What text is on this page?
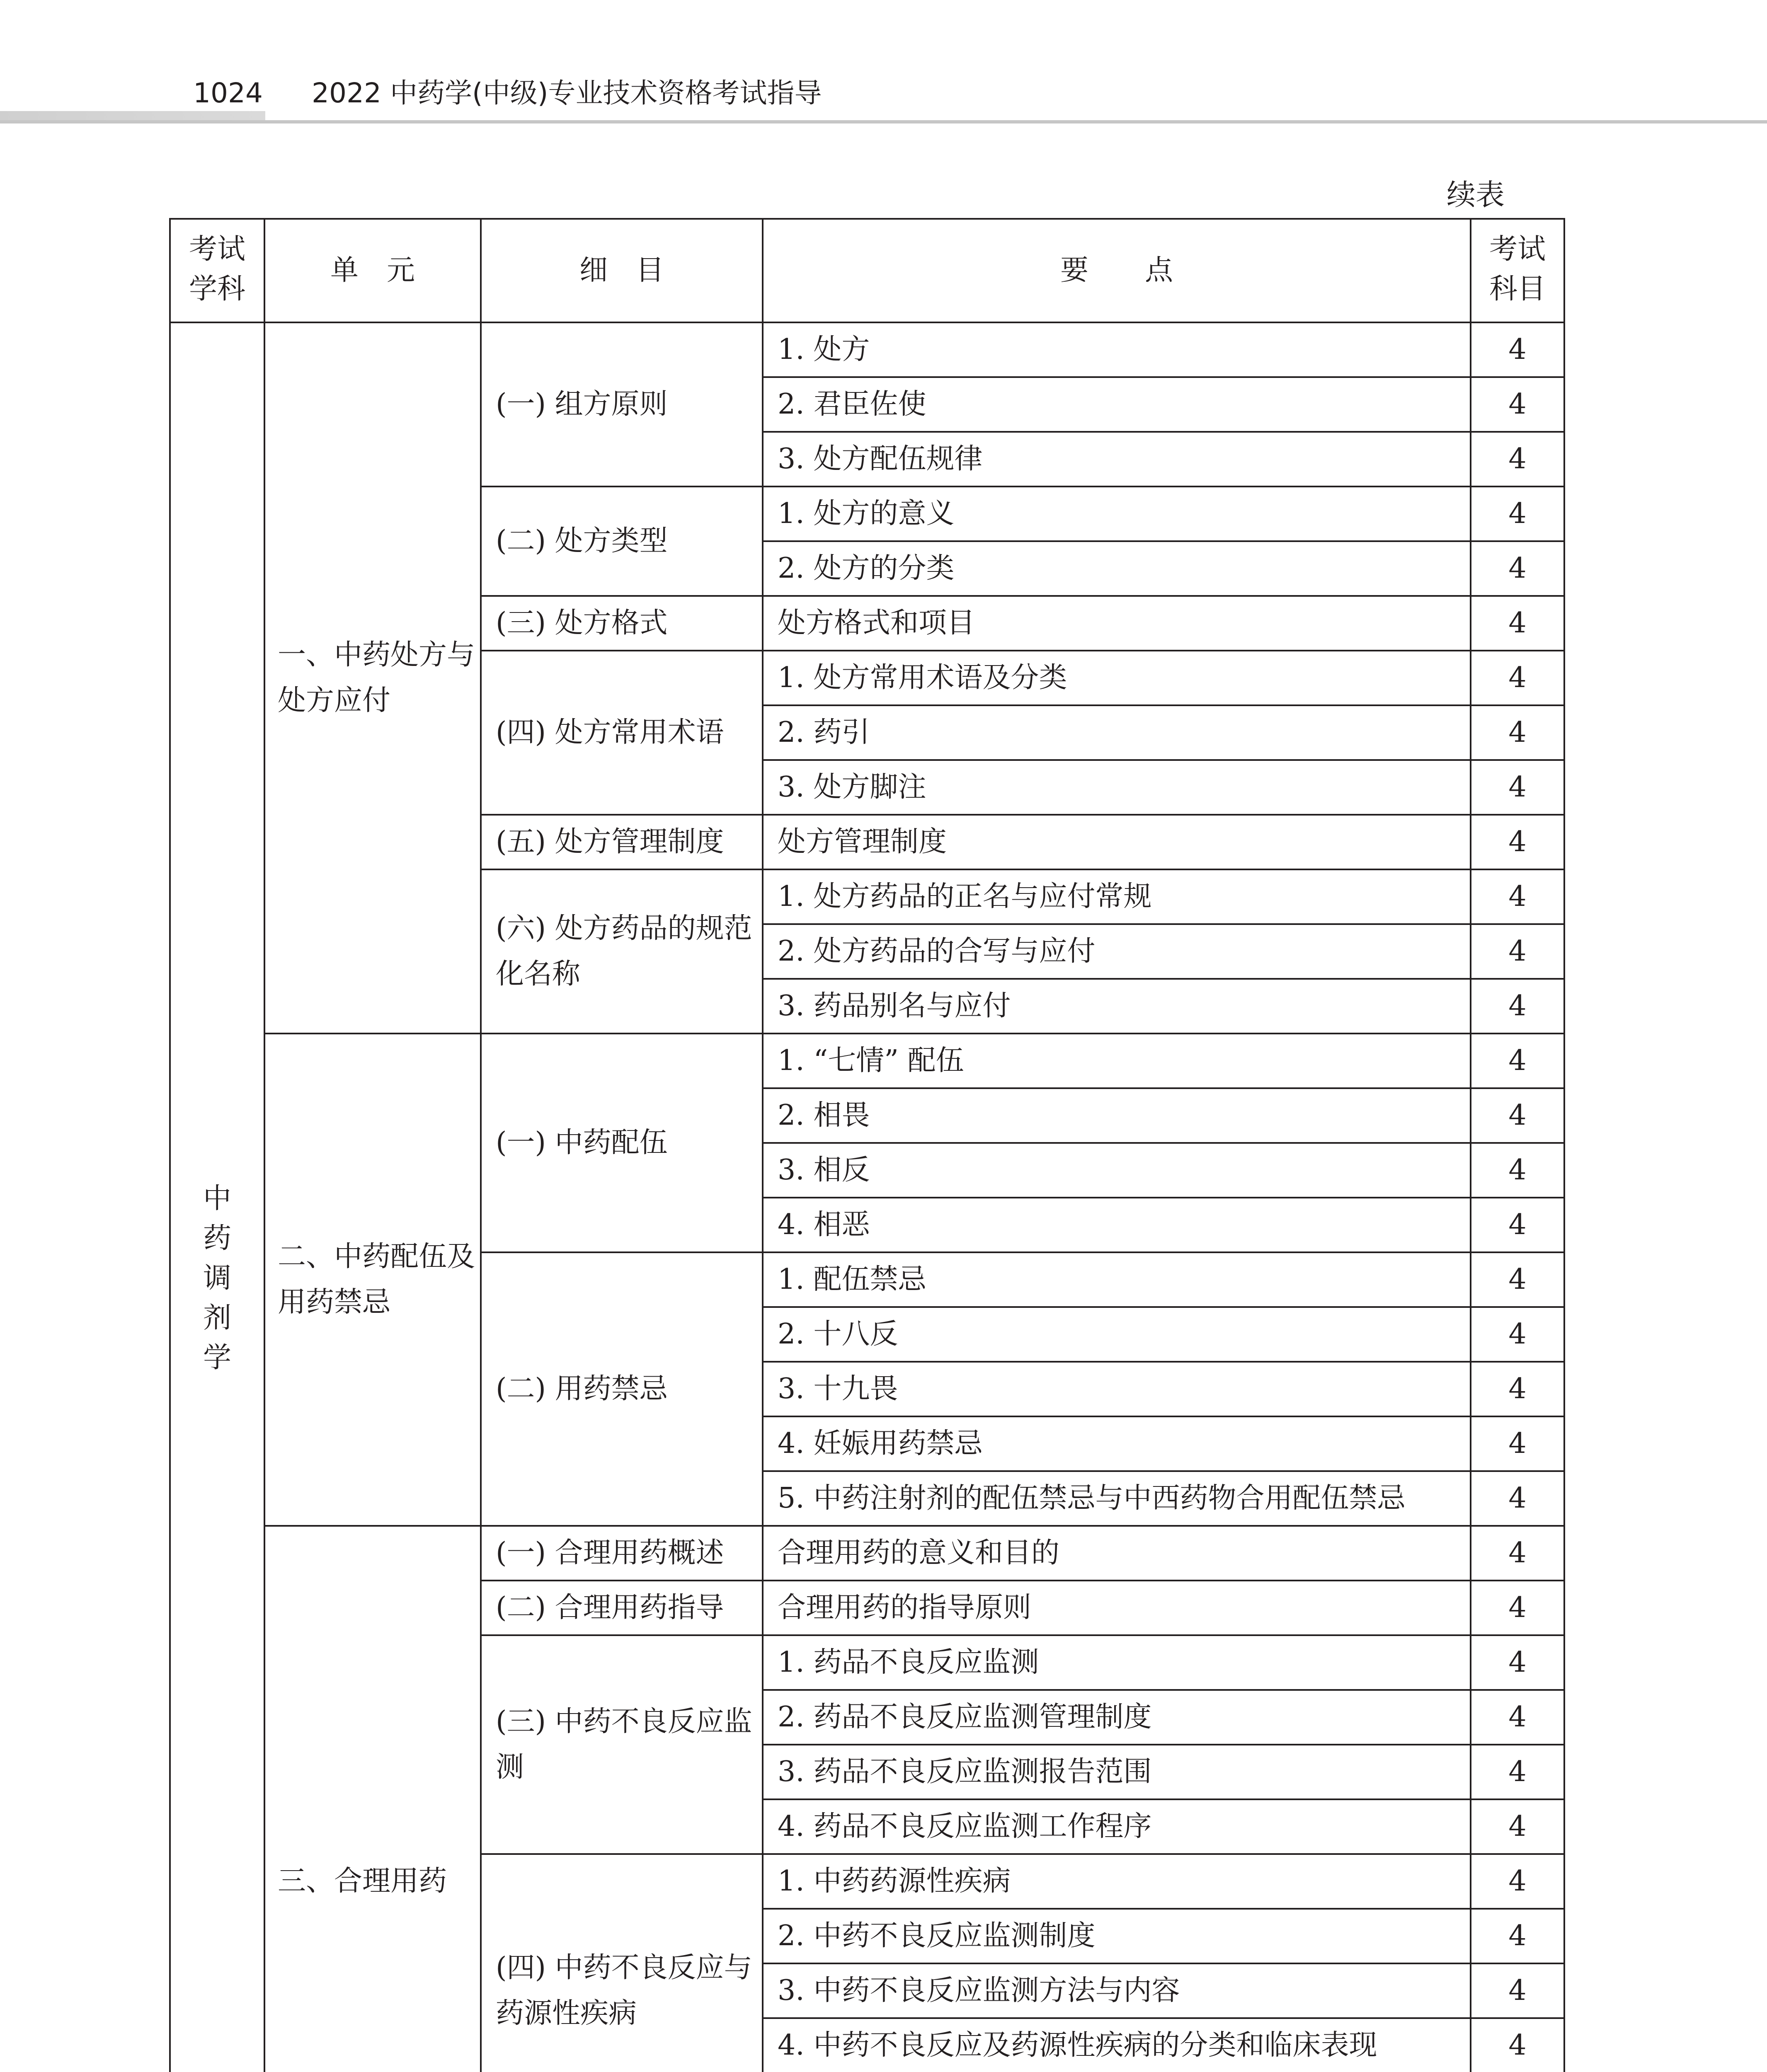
1024 2022 中药学(中级)专业技术资格考试指导
续表
考试学科	单　元	细　目	要　　点	考试科目
中药调剂学	一、中药处方与处方应付	(一) 组方原则	1. 处方	4
			2. 君臣佐使	4
			3. 处方配伍规律	4
		(二) 处方类型	1. 处方的意义	4
			2. 处方的分类	4
		(三) 处方格式	处方格式和项目	4
		(四) 处方常用术语	1. 处方常用术语及分类	4
			2. 药引	4
			3. 处方脚注	4
		(五) 处方管理制度	处方管理制度	4
		(六) 处方药品的规范化名称	1. 处方药品的正名与应付常规	4
			2. 处方药品的合写与应付	4
			3. 药品别名与应付	4
	二、中药配伍及用药禁忌	(一) 中药配伍	1. “七情” 配伍	4
			2. 相畏	4
			3. 相反	4
			4. 相恶	4
		(二) 用药禁忌	1. 配伍禁忌	4
			2. 十八反	4
			3. 十九畏	4
			4. 妊娠用药禁忌	4
			5. 中药注射剂的配伍禁忌与中西药物合用配伍禁忌	4
	三、合理用药	(一) 合理用药概述	合理用药的意义和目的	4
		(二) 合理用药指导	合理用药的指导原则	4
		(三) 中药不良反应监测	1. 药品不良反应监测	4
			2. 药品不良反应监测管理制度	4
			3. 药品不良反应监测报告范围	4
			4. 药品不良反应监测工作程序	4
		(四) 中药不良反应与药源性疾病	1. 中药药源性疾病	4
			2. 中药不良反应监测制度	4
			3. 中药不良反应监测方法与内容	4
			4. 中药不良反应及药源性疾病的分类和临床表现	4
